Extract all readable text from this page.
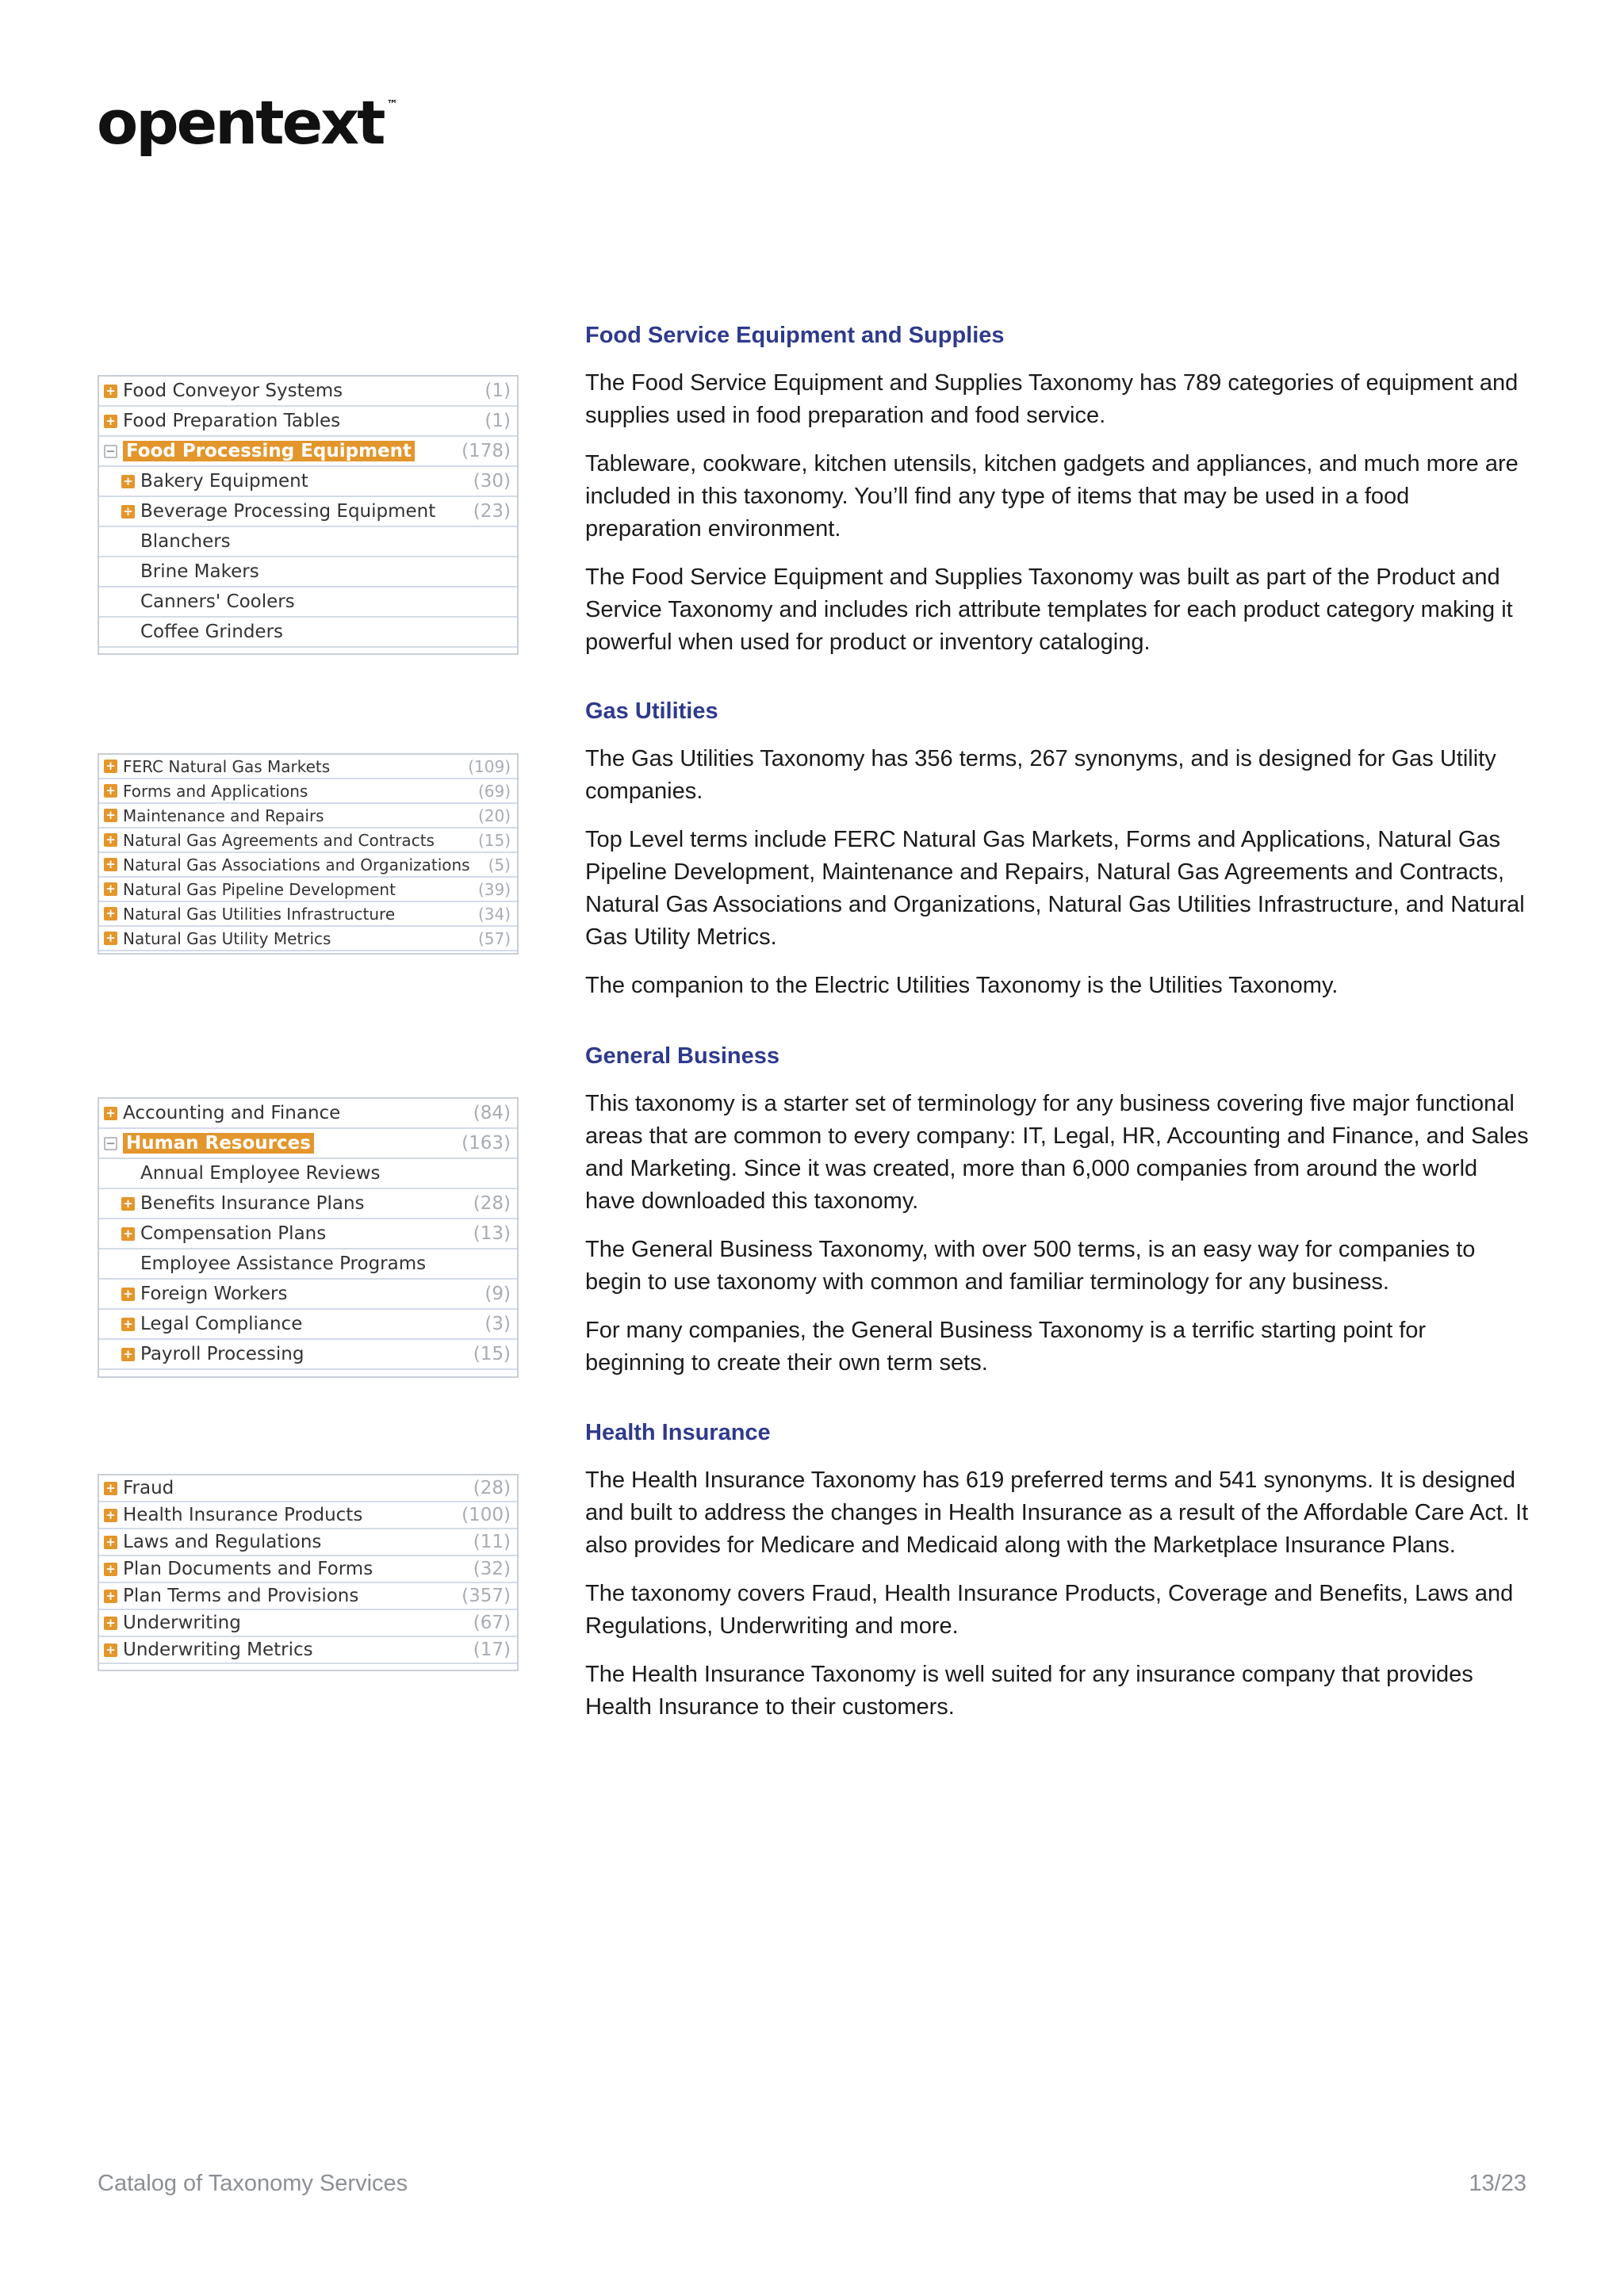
opentext ™
Food Service Equipment and Supplies

The Food Service Equipment and Supplies Taxonomy has 789 categories of equipment and supplies used in food preparation and food service.

Tableware, cookware, kitchen utensils, kitchen gadgets and appliances, and much more are included in this taxonomy. You’ll find any type of items that may be used in a food preparation environment.

The Food Service Equipment and Supplies Taxonomy was built as part of the Product and Service Taxonomy and includes rich attribute templates for each product category making it powerful when used for product or inventory cataloging.

Gas Utilities

The Gas Utilities Taxonomy has 356 terms, 267 synonyms, and is designed for Gas Utility companies.

Top Level terms include FERC Natural Gas Markets, Forms and Applications, Natural Gas Pipeline Development, Maintenance and Repairs, Natural Gas Agreements and Contracts, Natural Gas Associations and Organizations, Natural Gas Utilities Infrastructure, and Natural Gas Utility Metrics.

The companion to the Electric Utilities Taxonomy is the Utilities Taxonomy.

General Business

This taxonomy is a starter set of terminology for any business covering five major functional areas that are common to every company: IT, Legal, HR, Accounting and Finance, and Sales and Marketing. Since it was created, more than 6,000 companies from around the world have downloaded this taxonomy.

The General Business Taxonomy, with over 500 terms, is an easy way for companies to begin to use taxonomy with common and familiar terminology for any business.

For many companies, the General Business Taxonomy is a terrific starting point for beginning to create their own term sets.

Health Insurance

The Health Insurance Taxonomy has 619 preferred terms and 541 synonyms. It is designed and built to address the changes in Health Insurance as a result of the Affordable Care Act. It also provides for Medicare and Medicaid along with the Marketplace Insurance Plans.

The taxonomy covers Fraud, Health Insurance Products, Coverage and Benefits, Laws and Regulations, Underwriting and more.

The Health Insurance Taxonomy is well suited for any insurance company that provides Health Insurance to their customers.

+ Food Conveyor Systems	(1)
+ Food Preparation Tables	(1)
− Food Processing Equipment	(178)
+ Bakery Equipment	(30)
+ Beverage Processing Equipment	(23)
Blanchers
Brine Makers
Canners' Coolers
Coffee Grinders
+ FERC Natural Gas Markets	(109)
+ Forms and Applications	(69)
+ Maintenance and Repairs	(20)
+ Natural Gas Agreements and Contracts	(15)
+ Natural Gas Associations and Organizations	(5)
+ Natural Gas Pipeline Development	(39)
+ Natural Gas Utilities Infrastructure	(34)
+ Natural Gas Utility Metrics	(57)
+ Accounting and Finance	(84)
− Human Resources	(163)
Annual Employee Reviews
+ Benefits Insurance Plans	(28)
+ Compensation Plans	(13)
Employee Assistance Programs
+ Foreign Workers	(9)
+ Legal Compliance	(3)
+ Payroll Processing	(15)
+ Fraud	(28)
+ Health Insurance Products	(100)
+ Laws and Regulations	(11)
+ Plan Documents and Forms	(32)
+ Plan Terms and Provisions	(357)
+ Underwriting	(67)
+ Underwriting Metrics	(17)
Catalog of Taxonomy Services	13/23
